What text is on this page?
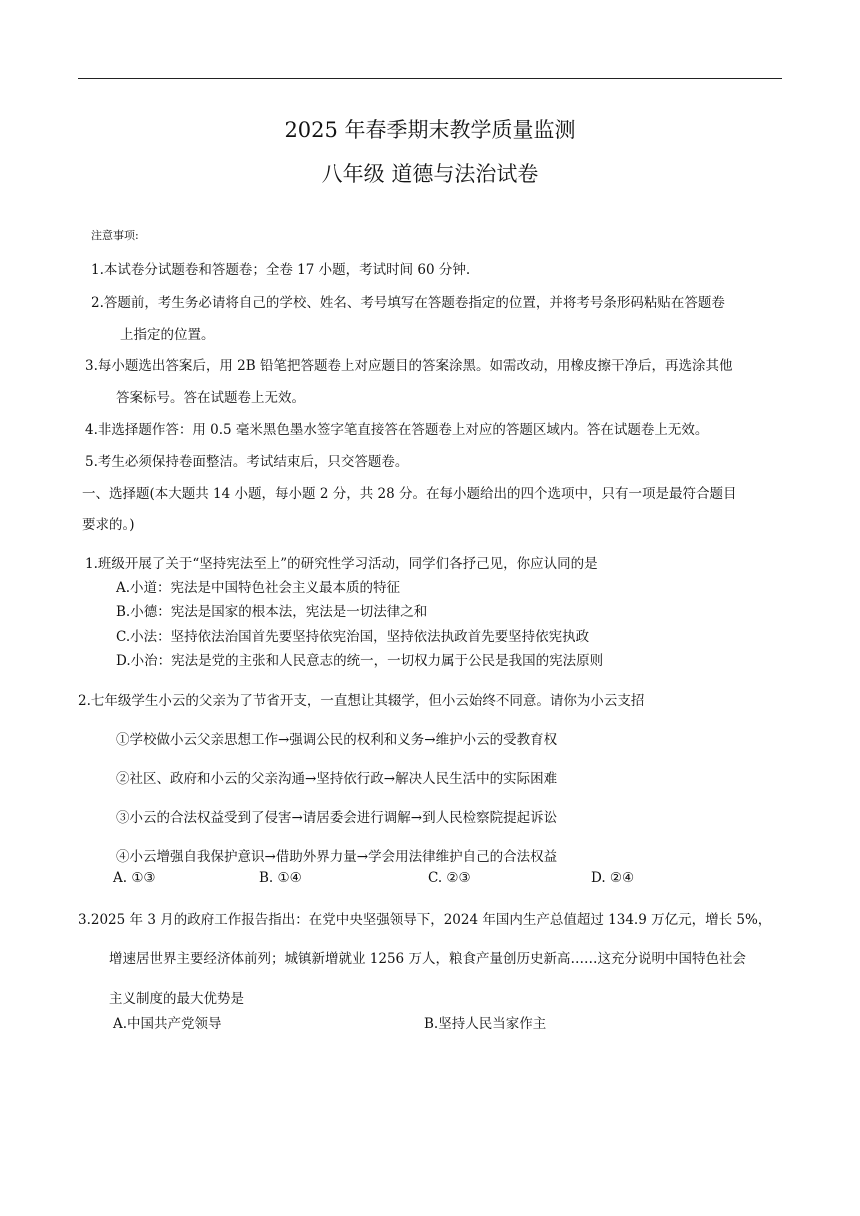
2025 年春季期末教学质量监测
八年级 道德与法治试卷
注意事项:
1.本试卷分试题卷和答题卷；全卷 17 小题，考试时间 60 分钟.
2.答题前，考生务必请将自己的学校、姓名、考号填写在答题卷指定的位置，并将考号条形码粘贴在答题卷
上指定的位置。
3.每小题选出答案后，用 2B 铅笔把答题卷上对应题目的答案涂黑。如需改动，用橡皮擦干净后，再选涂其他
答案标号。答在试题卷上无效。
4.非选择题作答：用 0.5 毫米黑色墨水签字笔直接答在答题卷上对应的答题区域内。答在试题卷上无效。
5.考生必须保持卷面整洁。考试结束后，只交答题卷。
一、选择题(本大题共 14 小题，每小题 2 分，共 28 分。在每小题给出的四个选项中，只有一项是最符合题目
要求的。)
1.班级开展了关于“坚持宪法至上”的研究性学习活动，同学们各抒己见，你应认同的是
A.小道：宪法是中国特色社会主义最本质的特征
B.小德：宪法是国家的根本法，宪法是一切法律之和
C.小法：坚持依法治国首先要坚持依宪治国，坚持依法执政首先要坚持依宪执政
D.小治：宪法是党的主张和人民意志的统一，一切权力属于公民是我国的宪法原则
2.七年级学生小云的父亲为了节省开支，一直想让其辍学，但小云始终不同意。请你为小云支招
①学校做小云父亲思想工作→强调公民的权利和义务→维护小云的受教育权
②社区、政府和小云的父亲沟通→坚持依行政→解决人民生活中的实际困难
③小云的合法权益受到了侵害→请居委会进行调解→到人民检察院提起诉讼
④小云增强自我保护意识→借助外界力量→学会用法律维护自己的合法权益
A. ①③	B. ①④	C. ②③	D. ②④
3.2025 年 3 月的政府工作报告指出：在党中央坚强领导下，2024 年国内生产总值超过 134.9 万亿元，增长 5%，
增速居世界主要经济体前列；城镇新增就业 1256 万人，粮食产量创历史新高……这充分说明中国特色社会
主义制度的最大优势是
A.中国共产党领导	B.坚持人民当家作主
